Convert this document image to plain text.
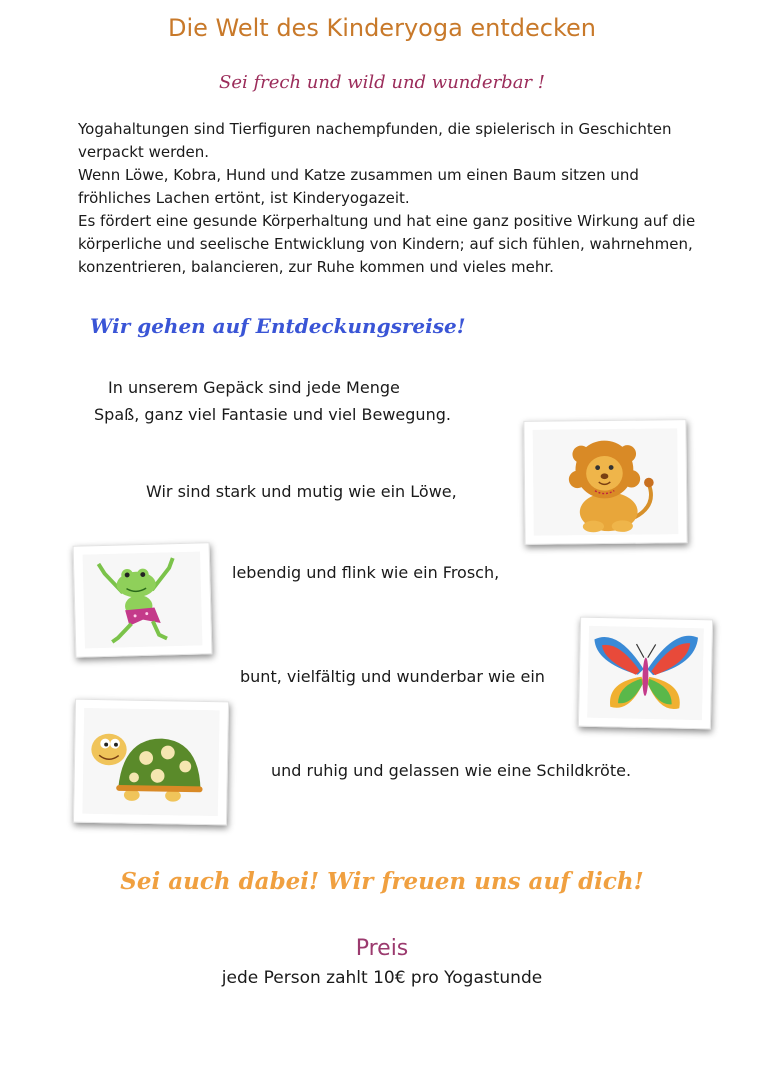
Die Welt des Kinderyoga entdecken
Sei frech und wild und wunderbar !

Yogahaltungen sind Tierfiguren nachempfunden, die spielerisch in Geschichten verpackt werden.

Wenn Löwe, Kobra, Hund und Katze zusammen um einen Baum sitzen und fröhliches Lachen ertönt, ist Kinderyogazeit.

Es fördert eine gesunde Körperhaltung und hat eine ganz positive Wirkung auf die körperliche und seelische Entwicklung von Kindern; auf sich fühlen, wahrnehmen, konzentrieren, balancieren, zur Ruhe kommen und vieles mehr.

Wir gehen auf Entdeckungsreise!
In unserem Gepäck sind jede Menge
Spaß, ganz viel Fantasie und viel Bewegung.
Wir sind stark und mutig wie ein Löwe,
lebendig und flink wie ein Frosch,
bunt, vielfältig und wunderbar wie ein
und ruhig und gelassen wie eine Schildkröte.
Sei auch dabei! Wir freuen uns auf dich!
Preis
jede Person zahlt 10€ pro Yogastunde
